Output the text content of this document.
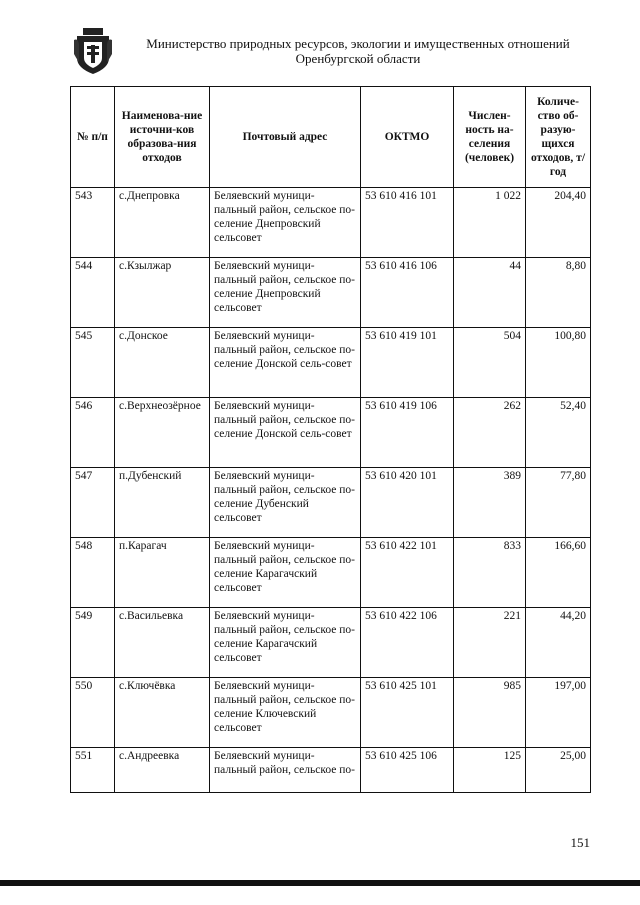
Министерство природных ресурсов, экологии и имущественных отношений
Оренбургской области
№ п/п	Наименова-ние источни-ков образова-ния отходов	Почтовый адрес	ОКТМО	Числен-ность на-селения (человек)	Количе-ство об-разую-щихся отходов, т/год
543	с.Днепровка	Беляевский муници-пальный район, сельское по-селение Днепровский сельсовет	53 610 416 101	1 022	204,40
544	с.Кзылжар	Беляевский муници-пальный район, сельское по-селение Днепровский сельсовет	53 610 416 106	44	8,80
545	с.Донское	Беляевский муници-пальный район, сельское по-селение Донской сель-совет	53 610 419 101	504	100,80
546	с.Верхнеозёрное	Беляевский муници-пальный район, сельское по-селение Донской сель-совет	53 610 419 106	262	52,40
547	п.Дубенский	Беляевский муници-пальный район, сельское по-селение Дубенский сельсовет	53 610 420 101	389	77,80
548	п.Карагач	Беляевский муници-пальный район, сельское по-селение Карагачский сельсовет	53 610 422 101	833	166,60
549	с.Васильевка	Беляевский муници-пальный район, сельское по-селение Карагачский сельсовет	53 610 422 106	221	44,20
550	с.Ключёвка	Беляевский муници-пальный район, сельское по-селение Ключевский сельсовет	53 610 425 101	985	197,00
551	с.Андреевка	Беляевский муници-пальный район, сельское по-	53 610 425 106	125	25,00
151
